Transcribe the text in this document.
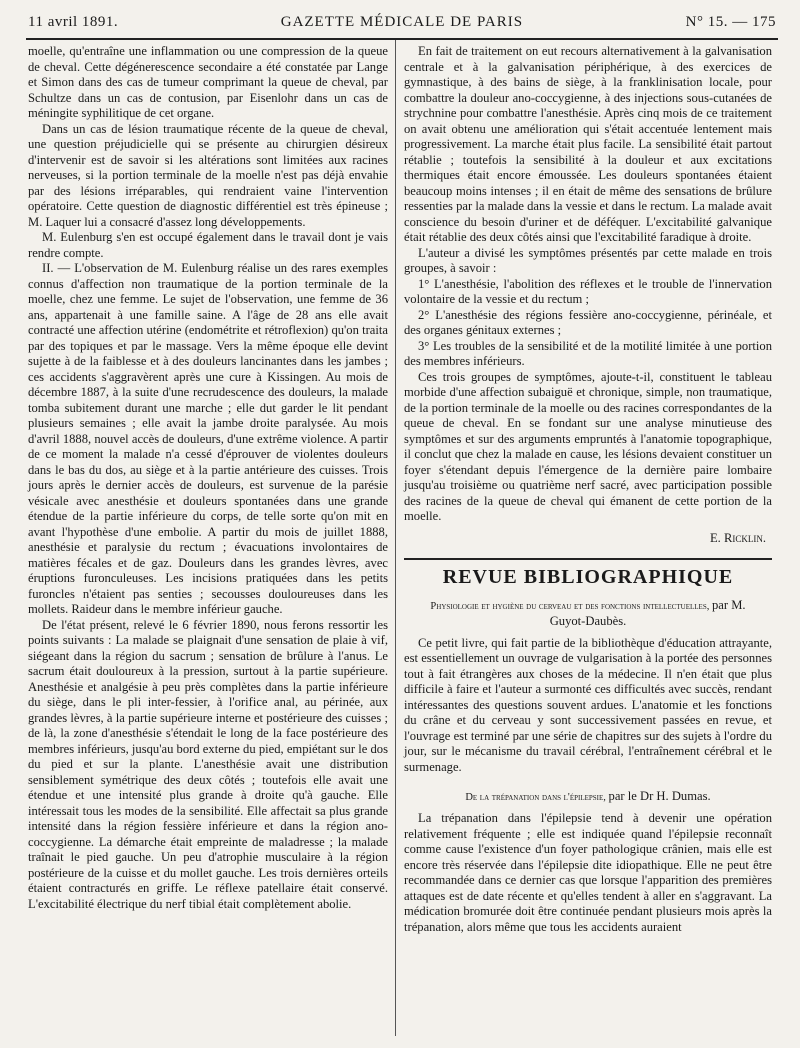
11 avril 1891.	GAZETTE MÉDICALE DE PARIS	N° 15. — 175

moelle, qu'entraîne une inflammation ou une compression de la queue de cheval. Cette dégénerescence secondaire a été constatée par Lange et Simon dans des cas de tumeur comprimant la queue de cheval, par Schultze dans un cas de contusion, par Eisenlohr dans un cas de méningite syphilitique de cet organe.

Dans un cas de lésion traumatique récente de la queue de cheval, une question préjudicielle qui se présente au chirurgien désireux d'intervenir est de savoir si les altérations sont limitées aux racines nerveuses, si la portion terminale de la moelle n'est pas déjà envahie par des lésions irréparables, qui rendraient vaine l'intervention opératoire. Cette question de diagnostic différentiel est très épineuse ; M. Laquer lui a consacré d'assez long développements.

M. Eulenburg s'en est occupé également dans le travail dont je vais rendre compte.

II. — L'observation de M. Eulenburg réalise un des rares exemples connus d'affection non traumatique de la portion terminale de la moelle, chez une femme. Le sujet de l'observation, une femme de 36 ans, appartenait à une famille saine. A l'âge de 28 ans elle avait contracté une affection utérine (endométrite et rétroflexion) qu'on traita par des topiques et par le massage. Vers la même époque elle devint sujette à de la faiblesse et à des douleurs lancinantes dans les jambes ; ces accidents s'aggravèrent après une cure à Kissingen. Au mois de décembre 1887, à la suite d'une recrudescence des douleurs, la malade tomba subitement durant une marche ; elle dut garder le lit pendant plusieurs semaines ; elle avait la jambe droite paralysée. Au mois d'avril 1888, nouvel accès de douleurs, d'une extrême violence. A partir de ce moment la malade n'a cessé d'éprouver de violentes douleurs dans le bas du dos, au siège et à la partie antérieure des cuisses. Trois jours après le dernier accès de douleurs, est survenue de la parésie vésicale avec anesthésie et douleurs spontanées dans une grande étendue de la partie inférieure du corps, de telle sorte qu'on mit en avant l'hypothèse d'une embolie. A partir du mois de juillet 1888, anesthésie et paralysie du rectum ; évacuations involontaires de matières fécales et de gaz. Douleurs dans les grandes lèvres, avec éruptions furonculeuses. Les incisions pratiquées dans les petits furoncles n'étaient pas senties ; secousses douloureuses dans les mollets. Raideur dans le membre inférieur gauche.

De l'état présent, relevé le 6 février 1890, nous ferons ressortir les points suivants : La malade se plaignait d'une sensation de plaie à vif, siégeant dans la région du sacrum ; sensation de brûlure à l'anus. Le sacrum était douloureux à la pression, surtout à la partie supérieure. Anesthésie et analgésie à peu près complètes dans la partie inférieure du siège, dans le pli inter-fessier, à l'orifice anal, au périnée, aux grandes lèvres, à la partie supérieure interne et postérieure des cuisses ; de là, la zone d'anesthésie s'étendait le long de la face postérieure des membres inférieurs, jusqu'au bord externe du pied, empiétant sur le dos du pied et sur la plante. L'anesthésie avait une distribution sensiblement symétrique des deux côtés ; toutefois elle avait une étendue et une intensité plus grande à droite qu'à gauche. Elle intéressait tous les modes de la sensibilité. Elle affectait sa plus grande intensité dans la région fessière inférieure et dans la région ano-coccygienne. La démarche était empreinte de maladresse ; la malade traînait le pied gauche. Un peu d'atrophie musculaire à la région postérieure de la cuisse et du mollet gauche. Les trois dernières orteils étaient contracturés en griffe. Le réflexe patellaire était conservé. L'excitabilité électrique du nerf tibial était complètement abolie.

En fait de traitement on eut recours alternativement à la galvanisation centrale et à la galvanisation périphérique, à des exercices de gymnastique, à des bains de siège, à la franklinisation locale, pour combattre la douleur ano-coccygienne, à des injections sous-cutanées de strychnine pour combattre l'anesthésie. Après cinq mois de ce traitement on avait obtenu une amélioration qui s'était accentuée lentement mais progressivement. La marche était plus facile. La sensibilité était partout rétablie ; toutefois la sensibilité à la douleur et aux excitations thermiques était encore émoussée. Les douleurs spontanées étaient beaucoup moins intenses ; il en était de même des sensations de brûlure ressenties par la malade dans la vessie et dans le rectum. La malade avait conscience du besoin d'uriner et de déféquer. L'excitabilité galvanique était rétablie des deux côtés ainsi que l'excitabilité faradique à droite.

L'auteur a divisé les symptômes présentés par cette malade en trois groupes, à savoir :

1° L'anesthésie, l'abolition des réflexes et le trouble de l'innervation volontaire de la vessie et du rectum ;

2° L'anesthésie des régions fessière ano-coccygienne, périnéale, et des organes génitaux externes ;

3° Les troubles de la sensibilité et de la motilité limitée à une portion des membres inférieurs.

Ces trois groupes de symptômes, ajoute-t-il, constituent le tableau morbide d'une affection subaiguë et chronique, simple, non traumatique, de la portion terminale de la moelle ou des racines correspondantes de la queue de cheval. En se fondant sur une analyse minutieuse des symptômes et sur des arguments empruntés à l'anatomie topographique, il conclut que chez la malade en cause, les lésions devaient constituer un foyer s'étendant depuis l'émergence de la dernière paire lombaire jusqu'au troisième ou quatrième nerf sacré, avec participation possible des racines de la queue de cheval qui émanent de cette portion de la moelle.

E. Ricklin.
REVUE BIBLIOGRAPHIQUE
Physiologie et hygiène du cerveau et des fonctions intellectuelles, par M. Guyot-Daubès.

Ce petit livre, qui fait partie de la bibliothèque d'éducation attrayante, est essentiellement un ouvrage de vulgarisation à la portée des personnes tout à fait étrangères aux choses de la médecine. Il n'en était que plus difficile à faire et l'auteur a surmonté ces difficultés avec succès, rendant intéressantes des questions souvent ardues. L'anatomie et les fonctions du crâne et du cerveau y sont successivement passées en revue, et l'ouvrage est terminé par une série de chapitres sur des sujets à l'ordre du jour, sur le mécanisme du travail cérébral, l'entraînement cérébral et le surmenage.

De la trépanation dans l'épilepsie, par le Dr H. Dumas.

La trépanation dans l'épilepsie tend à devenir une opération relativement fréquente ; elle est indiquée quand l'épilepsie reconnaît comme cause l'existence d'un foyer pathologique crânien, mais elle est encore très réservée dans l'épilepsie dite idiopathique. Elle ne peut être recommandée dans ce dernier cas que lorsque l'apparition des premières attaques est de date récente et qu'elles tendent à aller en s'aggravant. La médication bromurée doit être continuée pendant plusieurs mois après la trépanation, alors même que tous les accidents auraient
